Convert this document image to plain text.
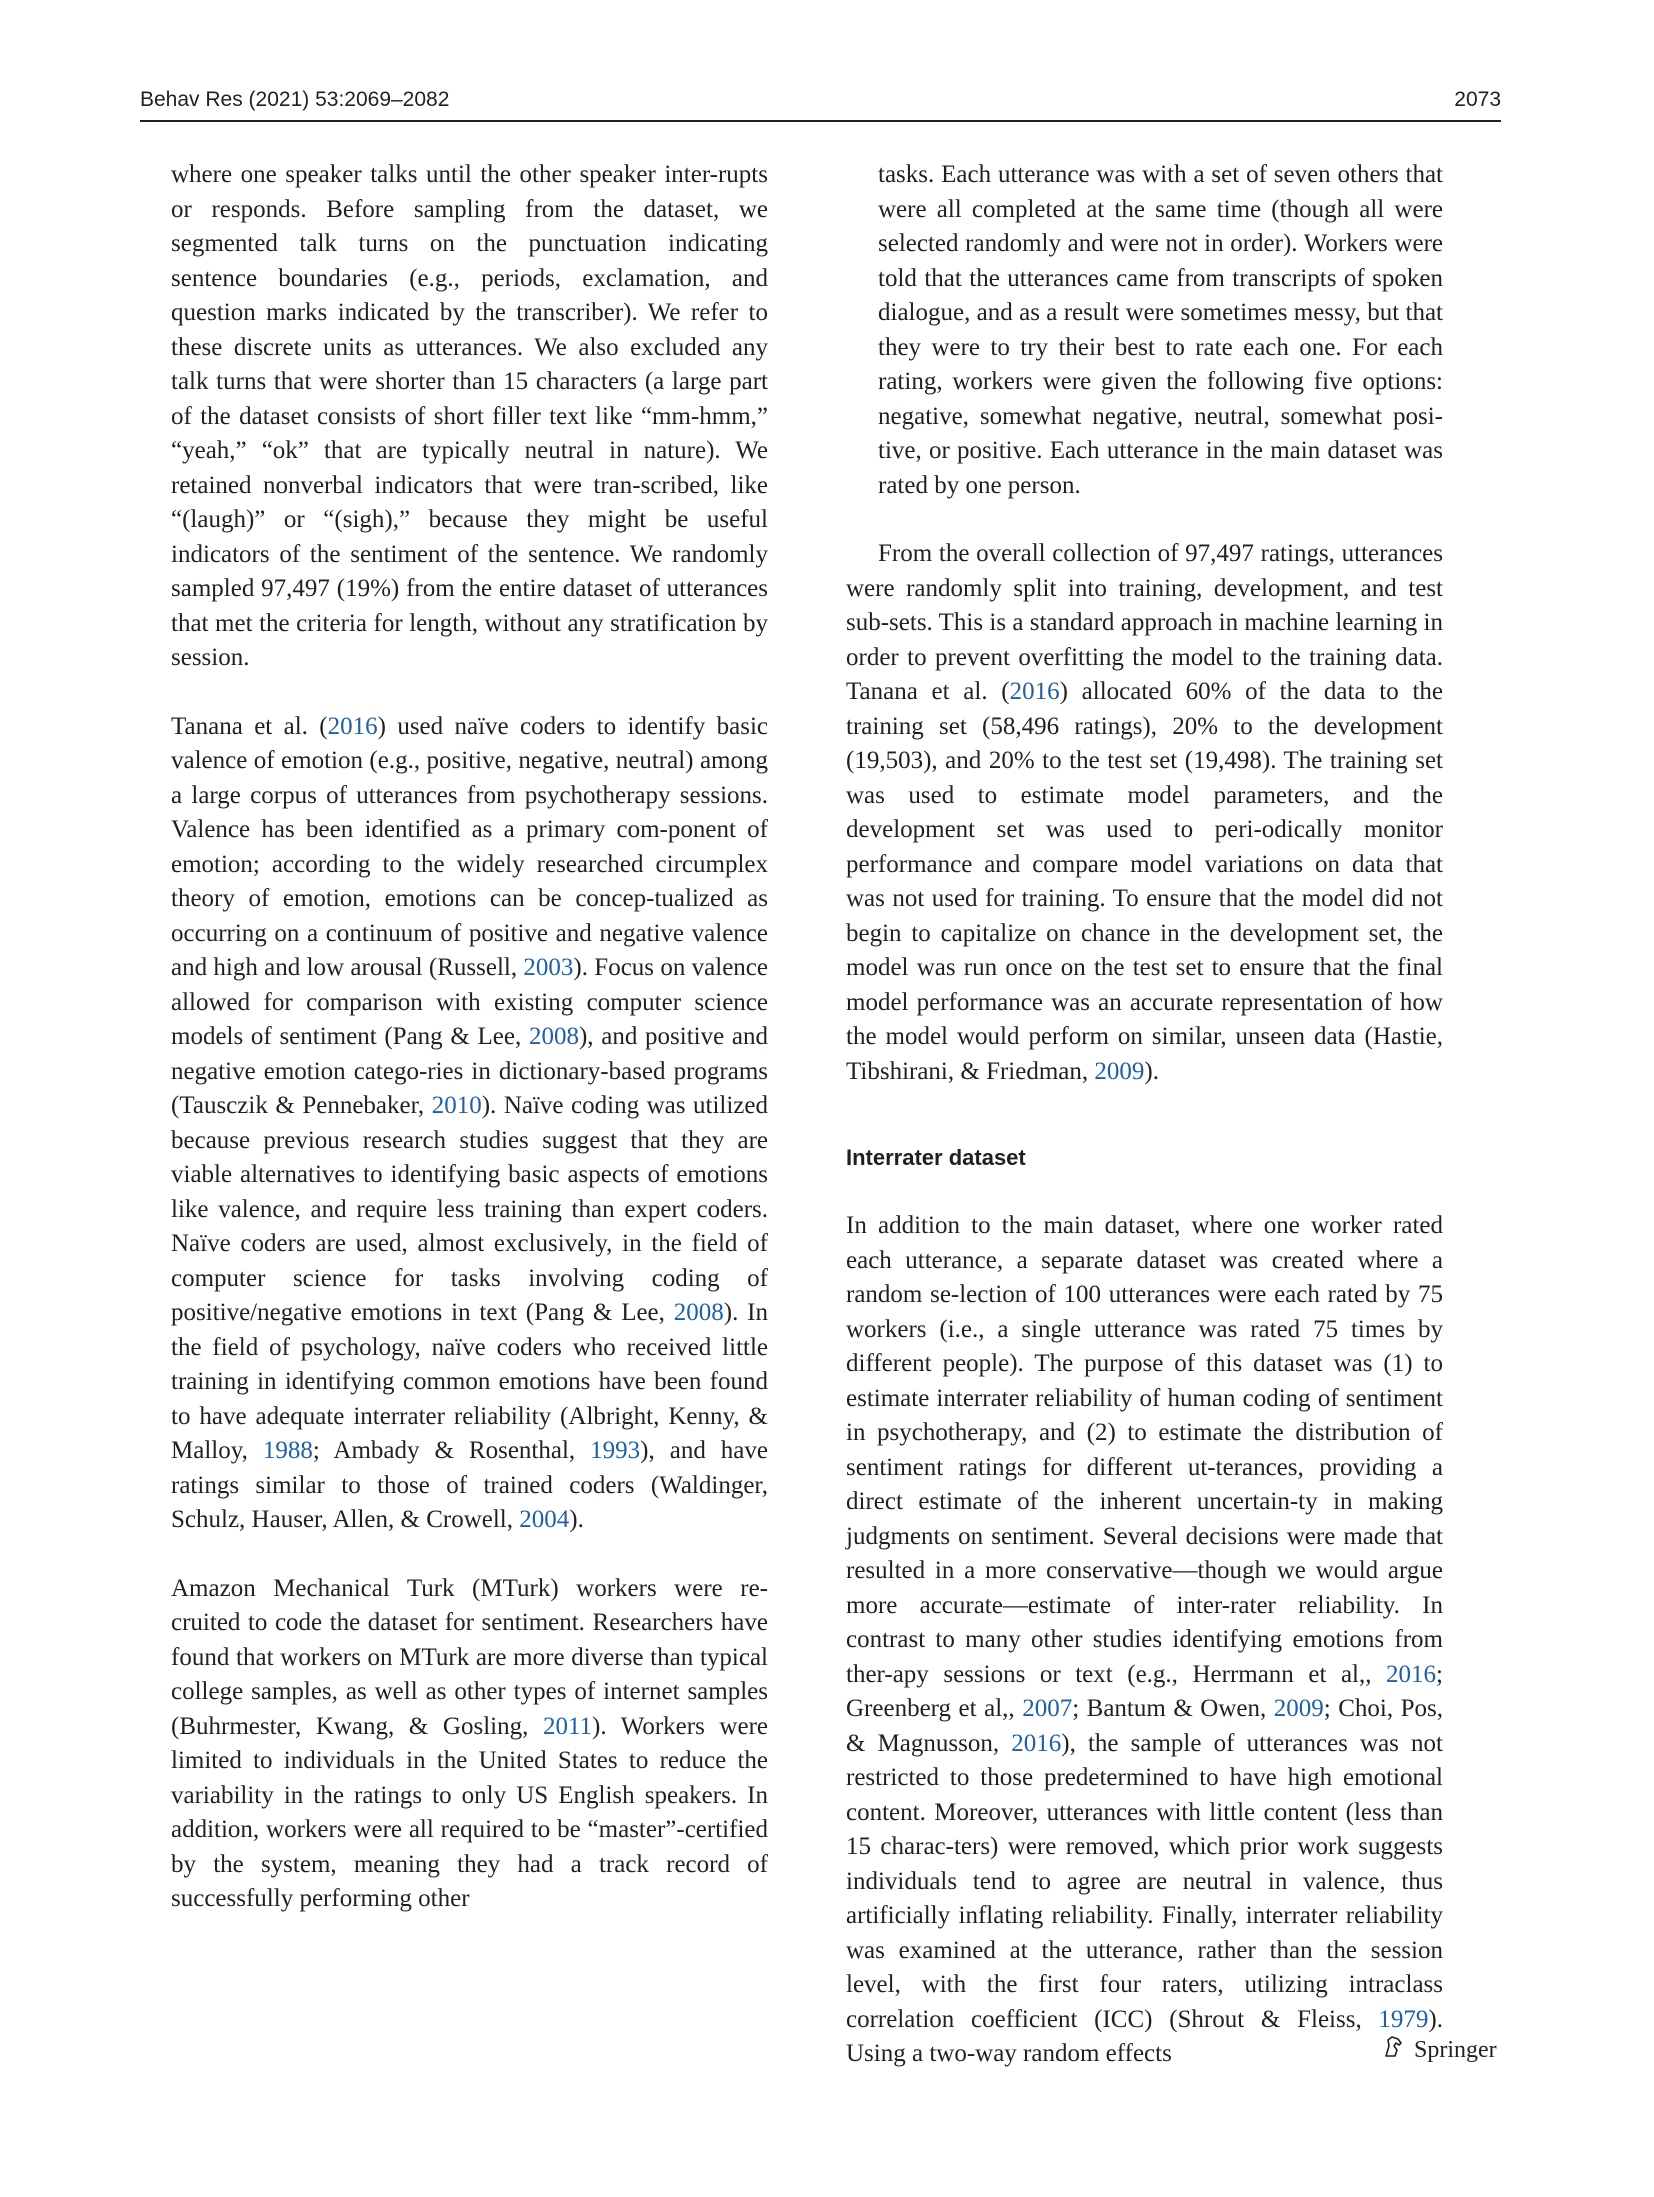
Behav Res (2021) 53:2069–2082	2073

where one speaker talks until the other speaker inter-rupts or responds. Before sampling from the dataset, we segmented talk turns on the punctuation indicating sentence boundaries (e.g., periods, exclamation, and question marks indicated by the transcriber). We refer to these discrete units as utterances. We also excluded any talk turns that were shorter than 15 characters (a large part of the dataset consists of short filler text like “mm-hmm,” “yeah,” “ok” that are typically neutral in nature). We retained nonverbal indicators that were tran-scribed, like “(laugh)” or “(sigh),” because they might be useful indicators of the sentiment of the sentence. We randomly sampled 97,497 (19%) from the entire dataset of utterances that met the criteria for length, without any stratification by session.

Tanana et al. (2016) used naïve coders to identify basic valence of emotion (e.g., positive, negative, neutral) among a large corpus of utterances from psychotherapy sessions. Valence has been identified as a primary com-ponent of emotion; according to the widely researched circumplex theory of emotion, emotions can be concep-tualized as occurring on a continuum of positive and negative valence and high and low arousal (Russell, 2003). Focus on valence allowed for comparison with existing computer science models of sentiment (Pang & Lee, 2008), and positive and negative emotion catego-ries in dictionary-based programs (Tausczik & Pennebaker, 2010). Naïve coding was utilized because previous research studies suggest that they are viable alternatives to identifying basic aspects of emotions like valence, and require less training than expert coders. Naïve coders are used, almost exclusively, in the field of computer science for tasks involving coding of positive/negative emotions in text (Pang & Lee, 2008). In the field of psychology, naïve coders who received little training in identifying common emotions have been found to have adequate interrater reliability (Albright, Kenny, & Malloy, 1988; Ambady & Rosenthal, 1993), and have ratings similar to those of trained coders (Waldinger, Schulz, Hauser, Allen, & Crowell, 2004).

Amazon Mechanical Turk (MTurk) workers were re-cruited to code the dataset for sentiment. Researchers have found that workers on MTurk are more diverse than typical college samples, as well as other types of internet samples (Buhrmester, Kwang, & Gosling, 2011). Workers were limited to individuals in the United States to reduce the variability in the ratings to only US English speakers. In addition, workers were all required to be “master”-certified by the system, meaning they had a track record of successfully performing other

tasks. Each utterance was with a set of seven others that were all completed at the same time (though all were selected randomly and were not in order). Workers were told that the utterances came from transcripts of spoken dialogue, and as a result were sometimes messy, but that they were to try their best to rate each one. For each rating, workers were given the following five options: negative, somewhat negative, neutral, somewhat posi-tive, or positive. Each utterance in the main dataset was rated by one person.

From the overall collection of 97,497 ratings, utterances were randomly split into training, development, and test sub-sets. This is a standard approach in machine learning in order to prevent overfitting the model to the training data. Tanana et al. (2016) allocated 60% of the data to the training set (58,496 ratings), 20% to the development (19,503), and 20% to the test set (19,498). The training set was used to estimate model parameters, and the development set was used to peri-odically monitor performance and compare model variations on data that was not used for training. To ensure that the model did not begin to capitalize on chance in the development set, the model was run once on the test set to ensure that the final model performance was an accurate representation of how the model would perform on similar, unseen data (Hastie, Tibshirani, & Friedman, 2009).

Interrater dataset

In addition to the main dataset, where one worker rated each utterance, a separate dataset was created where a random se-lection of 100 utterances were each rated by 75 workers (i.e., a single utterance was rated 75 times by different people). The purpose of this dataset was (1) to estimate interrater reliability of human coding of sentiment in psychotherapy, and (2) to estimate the distribution of sentiment ratings for different ut-terances, providing a direct estimate of the inherent uncertain-ty in making judgments on sentiment. Several decisions were made that resulted in a more conservative—though we would argue more accurate—estimate of inter-rater reliability. In contrast to many other studies identifying emotions from ther-apy sessions or text (e.g., Herrmann et al,, 2016; Greenberg et al,, 2007; Bantum & Owen, 2009; Choi, Pos, & Magnusson, 2016), the sample of utterances was not restricted to those predetermined to have high emotional content. Moreover, utterances with little content (less than 15 charac-ters) were removed, which prior work suggests individuals tend to agree are neutral in valence, thus artificially inflating reliability. Finally, interrater reliability was examined at the utterance, rather than the session level, with the first four raters, utilizing intraclass correlation coefficient (ICC) (Shrout & Fleiss, 1979). Using a two-way random effects	Springer
